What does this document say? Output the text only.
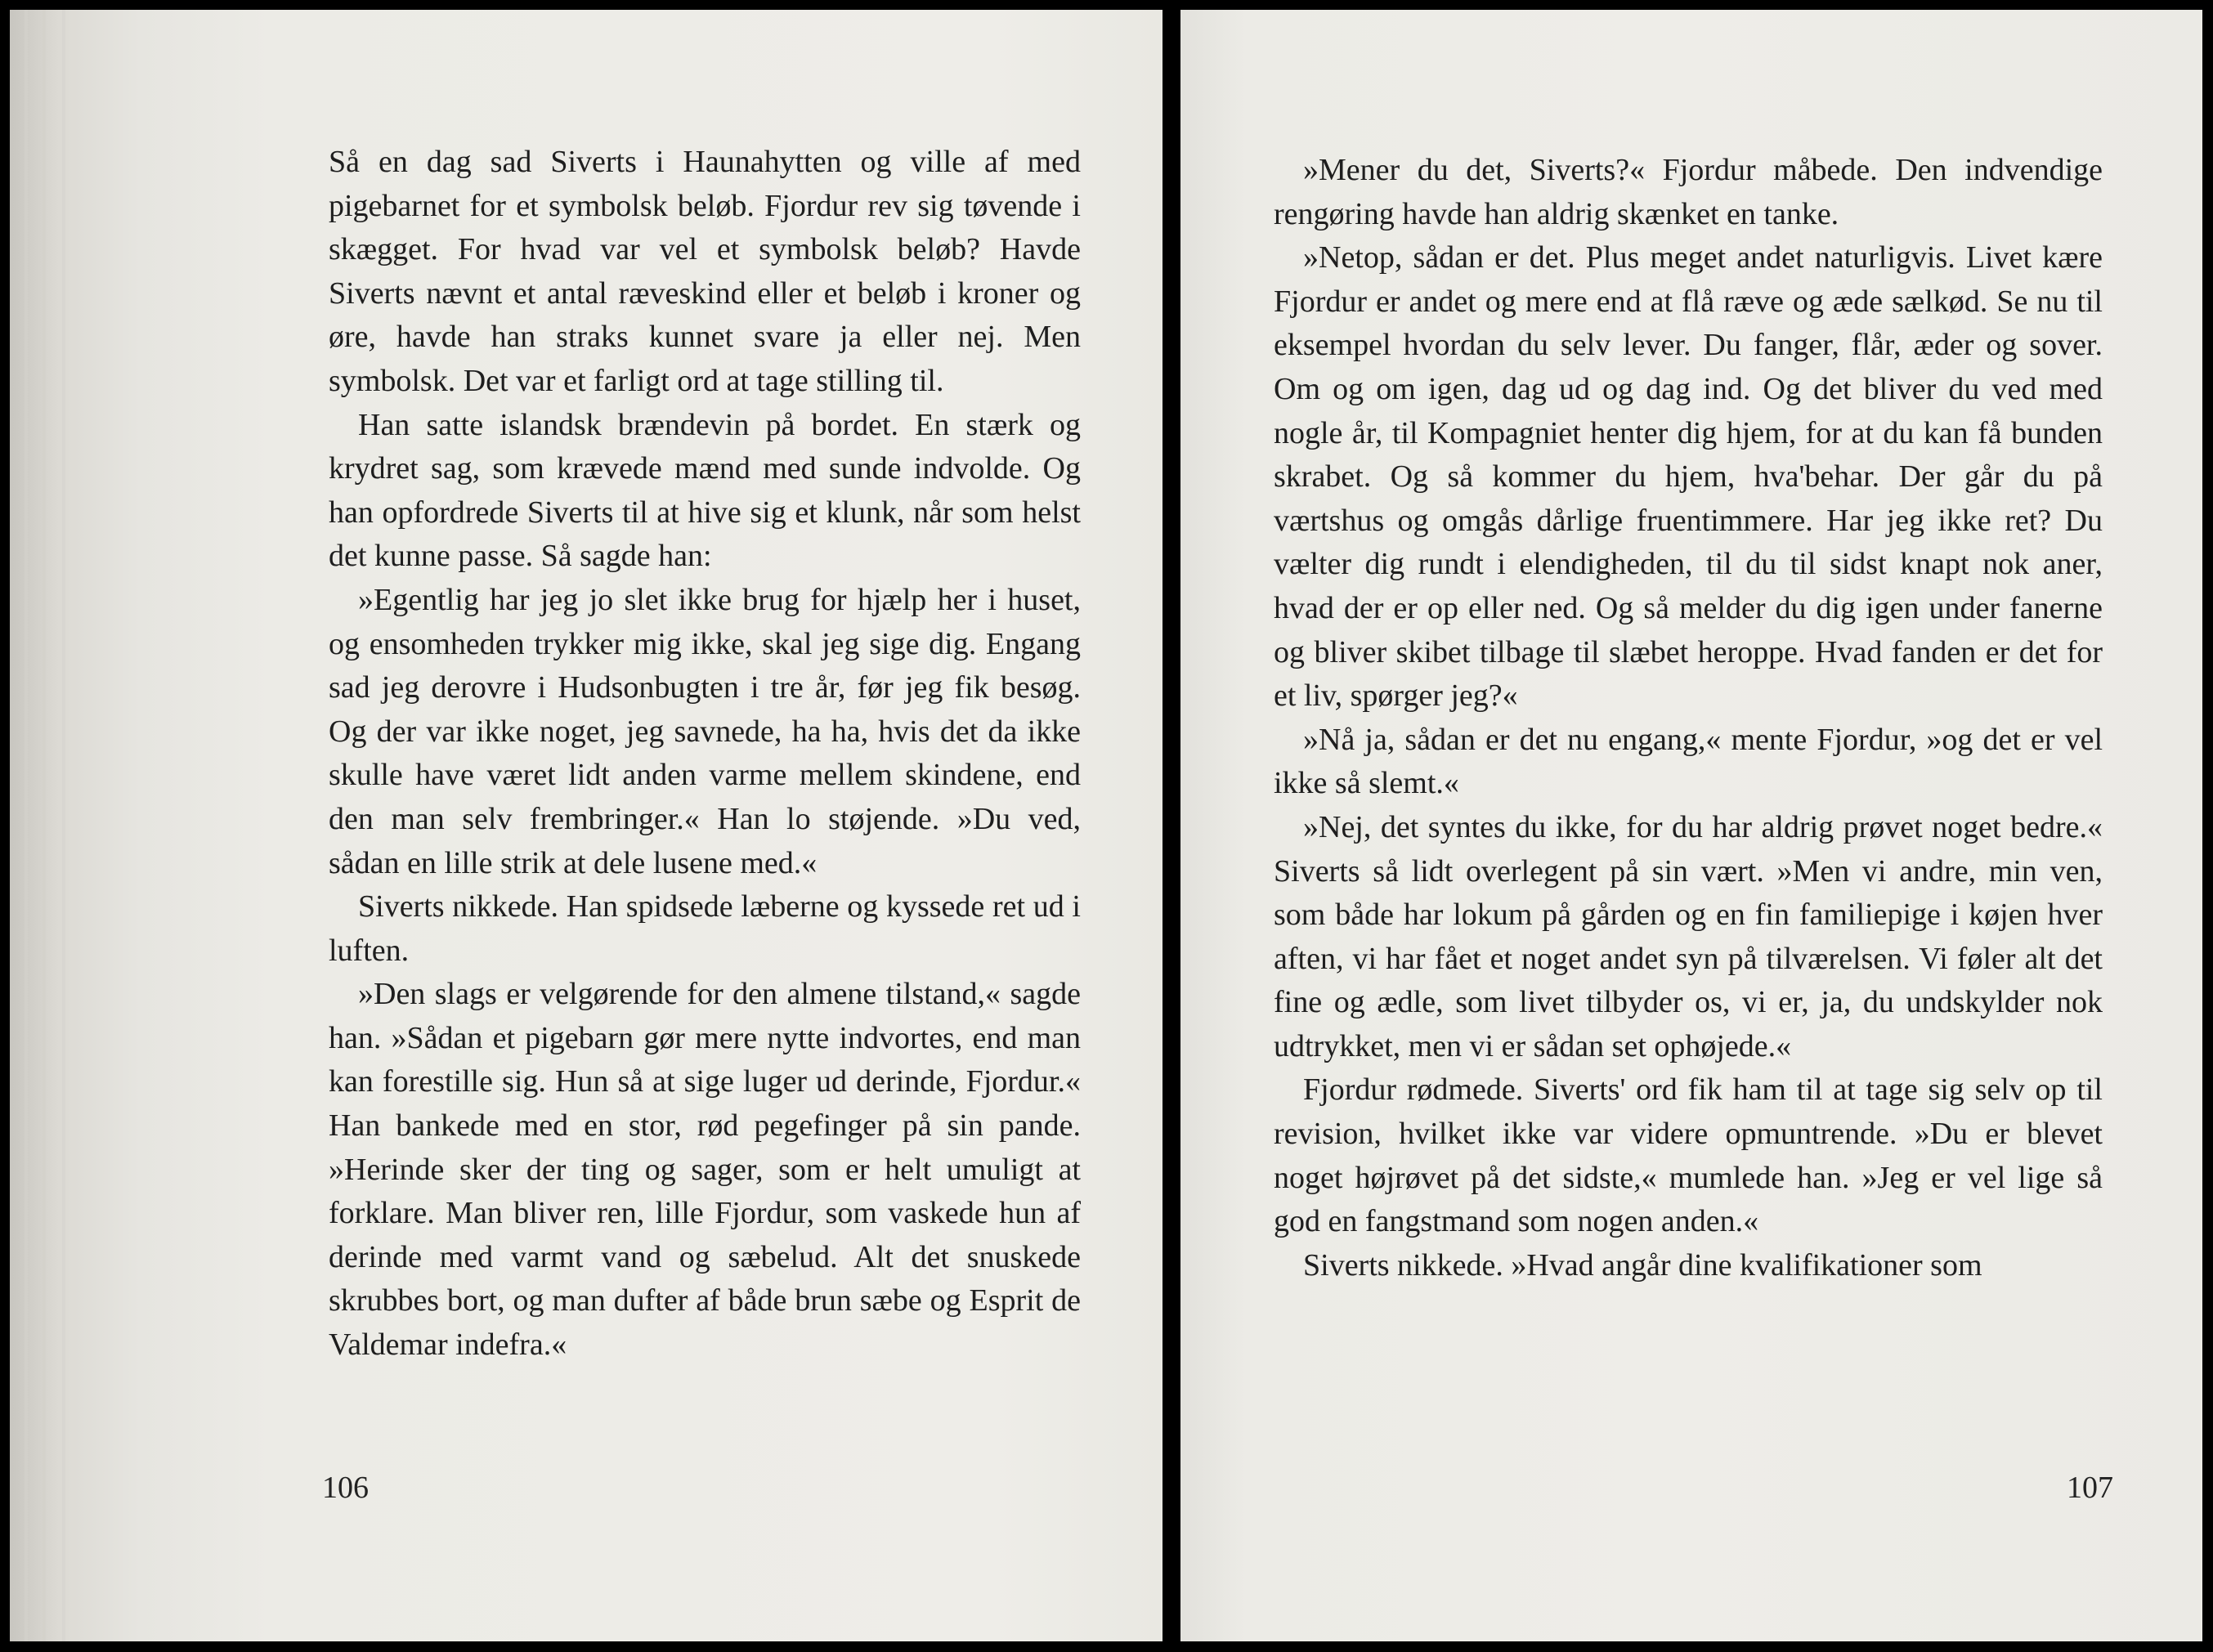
Så en dag sad Siverts i Haunahytten og ville af med pigebarnet for et symbolsk beløb. Fjordur rev sig tøvende i skægget. For hvad var vel et symbolsk beløb? Havde Siverts nævnt et antal ræveskind eller et beløb i kroner og øre, havde han straks kunnet svare ja eller nej. Men symbolsk. Det var et farligt ord at tage stilling til.

Han satte islandsk brændevin på bordet. En stærk og krydret sag, som krævede mænd med sunde indvolde. Og han opfordrede Siverts til at hive sig et klunk, når som helst det kunne passe. Så sagde han:

»Egentlig har jeg jo slet ikke brug for hjælp her i huset, og ensomheden trykker mig ikke, skal jeg sige dig. Engang sad jeg derovre i Hudsonbugten i tre år, før jeg fik besøg. Og der var ikke noget, jeg savnede, ha ha, hvis det da ikke skulle have været lidt anden varme mellem skindene, end den man selv frembringer.« Han lo støjende. »Du ved, sådan en lille strik at dele lusene med.«

Siverts nikkede. Han spidsede læberne og kyssede ret ud i luften.

»Den slags er velgørende for den almene tilstand,« sagde han. »Sådan et pigebarn gør mere nytte indvortes, end man kan forestille sig. Hun så at sige luger ud derinde, Fjordur.« Han bankede med en stor, rød pegefinger på sin pande. »Herinde sker der ting og sager, som er helt umuligt at forklare. Man bliver ren, lille Fjordur, som vaskede hun af derinde med varmt vand og sæbelud. Alt det snuskede skrubbes bort, og man dufter af både brun sæbe og Esprit de Valdemar indefra.«

106

»Mener du det, Siverts?« Fjordur måbede. Den indvendige rengøring havde han aldrig skænket en tanke.

»Netop, sådan er det. Plus meget andet naturligvis. Livet kære Fjordur er andet og mere end at flå ræve og æde sælkød. Se nu til eksempel hvordan du selv lever. Du fanger, flår, æder og sover. Om og om igen, dag ud og dag ind. Og det bliver du ved med nogle år, til Kompagniet henter dig hjem, for at du kan få bunden skrabet. Og så kommer du hjem, hva'behar. Der går du på værtshus og omgås dårlige fruentimmere. Har jeg ikke ret? Du vælter dig rundt i elendigheden, til du til sidst knapt nok aner, hvad der er op eller ned. Og så melder du dig igen under fanerne og bliver skibet tilbage til slæbet heroppe. Hvad fanden er det for et liv, spørger jeg?«

»Nå ja, sådan er det nu engang,« mente Fjordur, »og det er vel ikke så slemt.«

»Nej, det syntes du ikke, for du har aldrig prøvet noget bedre.« Siverts så lidt overlegent på sin vært. »Men vi andre, min ven, som både har lokum på gården og en fin familiepige i køjen hver aften, vi har fået et noget andet syn på tilværelsen. Vi føler alt det fine og ædle, som livet tilbyder os, vi er, ja, du undskylder nok udtrykket, men vi er sådan set ophøjede.«

Fjordur rødmede. Siverts' ord fik ham til at tage sig selv op til revision, hvilket ikke var videre opmuntrende. »Du er blevet noget højrøvet på det sidste,« mumlede han. »Jeg er vel lige så god en fangstmand som nogen anden.«

Siverts nikkede. »Hvad angår dine kvalifikationer som

107
